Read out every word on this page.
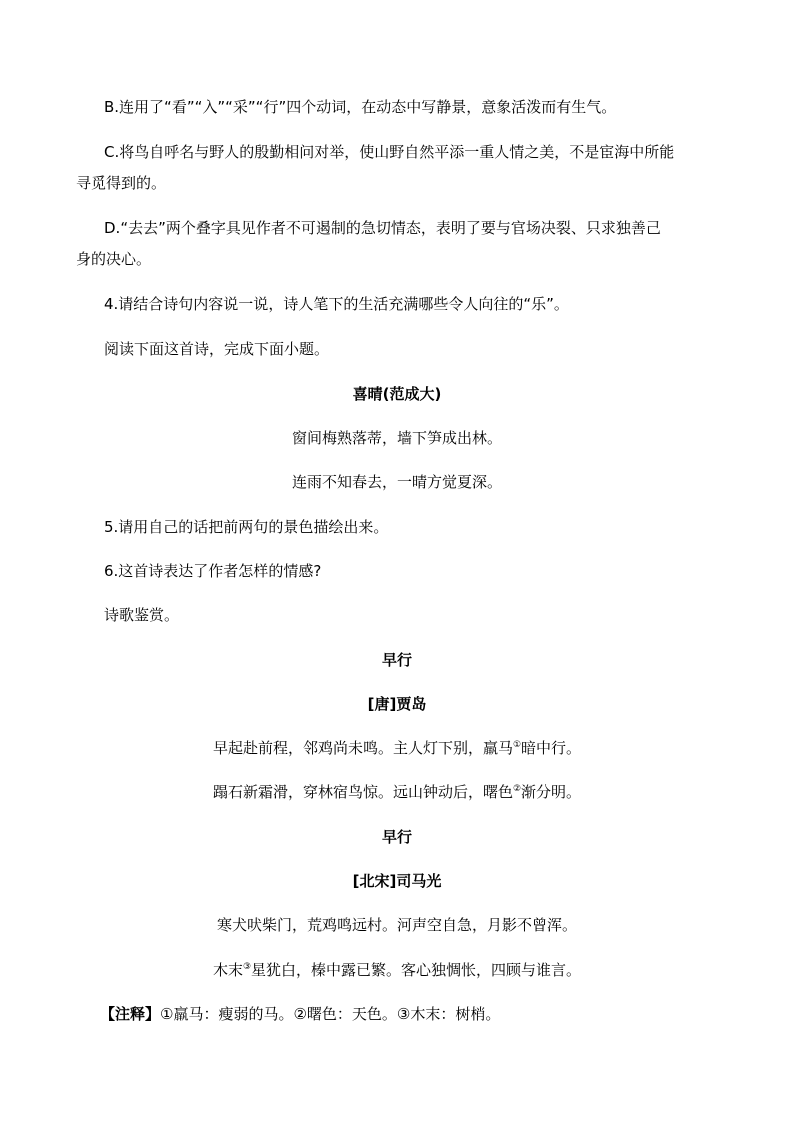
B.连用了“看”“入”“采”“行”四个动词，在动态中写静景，意象活泼而有生气。
C.将鸟自呼名与野人的殷勤相问对举，使山野自然平添一重人情之美，不是宦海中所能
寻觅得到的。
D.“去去”两个叠字具见作者不可遏制的急切情态，表明了要与官场决裂、只求独善己
身的决心。
4.请结合诗句内容说一说，诗人笔下的生活充满哪些令人向往的“乐”。
阅读下面这首诗，完成下面小题。
喜晴(范成大)
窗间梅熟落蒂，墙下笋成出林。
连雨不知春去，一晴方觉夏深。
5.请用自己的话把前两句的景色描绘出来。
6.这首诗表达了作者怎样的情感?
诗歌鉴赏。
早行
[唐]贾岛
早起赴前程，邻鸡尚未鸣。主人灯下别，羸马①暗中行。
蹋石新霜滑，穿林宿鸟惊。远山钟动后，曙色②渐分明。
早行
[北宋]司马光
寒犬吠柴门，荒鸡鸣远村。河声空自急，月影不曾浑。
木末③星犹白，榛中露已繁。客心独惆怅，四顾与谁言。
【注释】①羸马：瘦弱的马。②曙色：天色。③木末：树梢。
